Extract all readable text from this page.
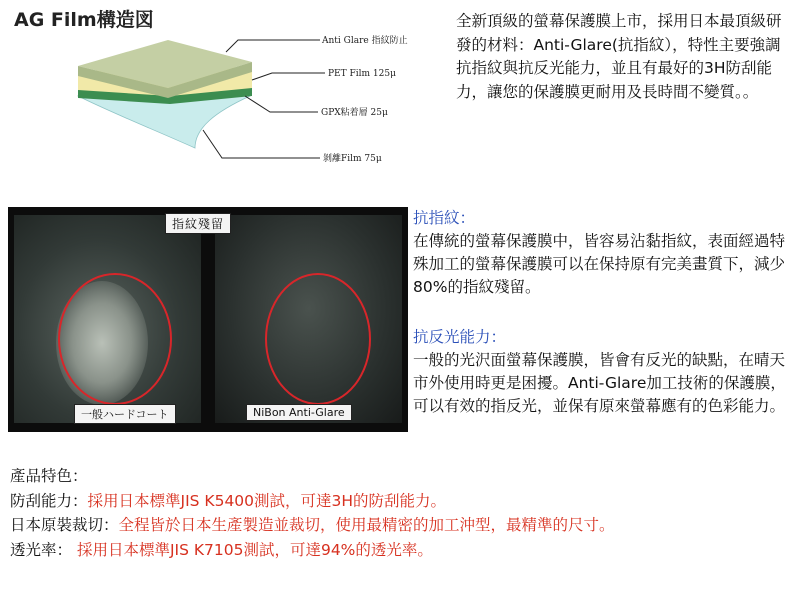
Anti Glare 指紋防止
PET Film 125μ
GPX粘着層 25μ
剝離Film 75μ
AG Film構造図	全新頂級的螢幕保護膜上市，採用日本最頂級研發的材料：Anti-Glare(抗指紋），特性主要強調抗指紋與抗反光能力，並且有最好的3H防刮能力，讓您的保護膜更耐用及長時間不變質。。
指紋殘留
一般ハードコート	NiBon Anti-Glare
抗指紋：
在傳統的螢幕保護膜中，皆容易沾黏指紋，表面經過特殊加工的螢幕保護膜可以在保持原有完美畫質下，減少80%的指紋殘留。
抗反光能力：
一般的光沢面螢幕保護膜，皆會有反光的缺點，在晴天市外使用時更是困擾。Anti-Glare加工技術的保護膜，可以有效的指反光，並保有原來螢幕應有的色彩能力。
產品特色：
防刮能力：採用日本標準JIS K5400測試，可達3H的防刮能力。
日本原裝裁切：全程皆於日本生產製造並裁切，使用最精密的加工沖型，最精準的尺寸。
透光率： 採用日本標準JIS K7105測試，可達94%的透光率。
